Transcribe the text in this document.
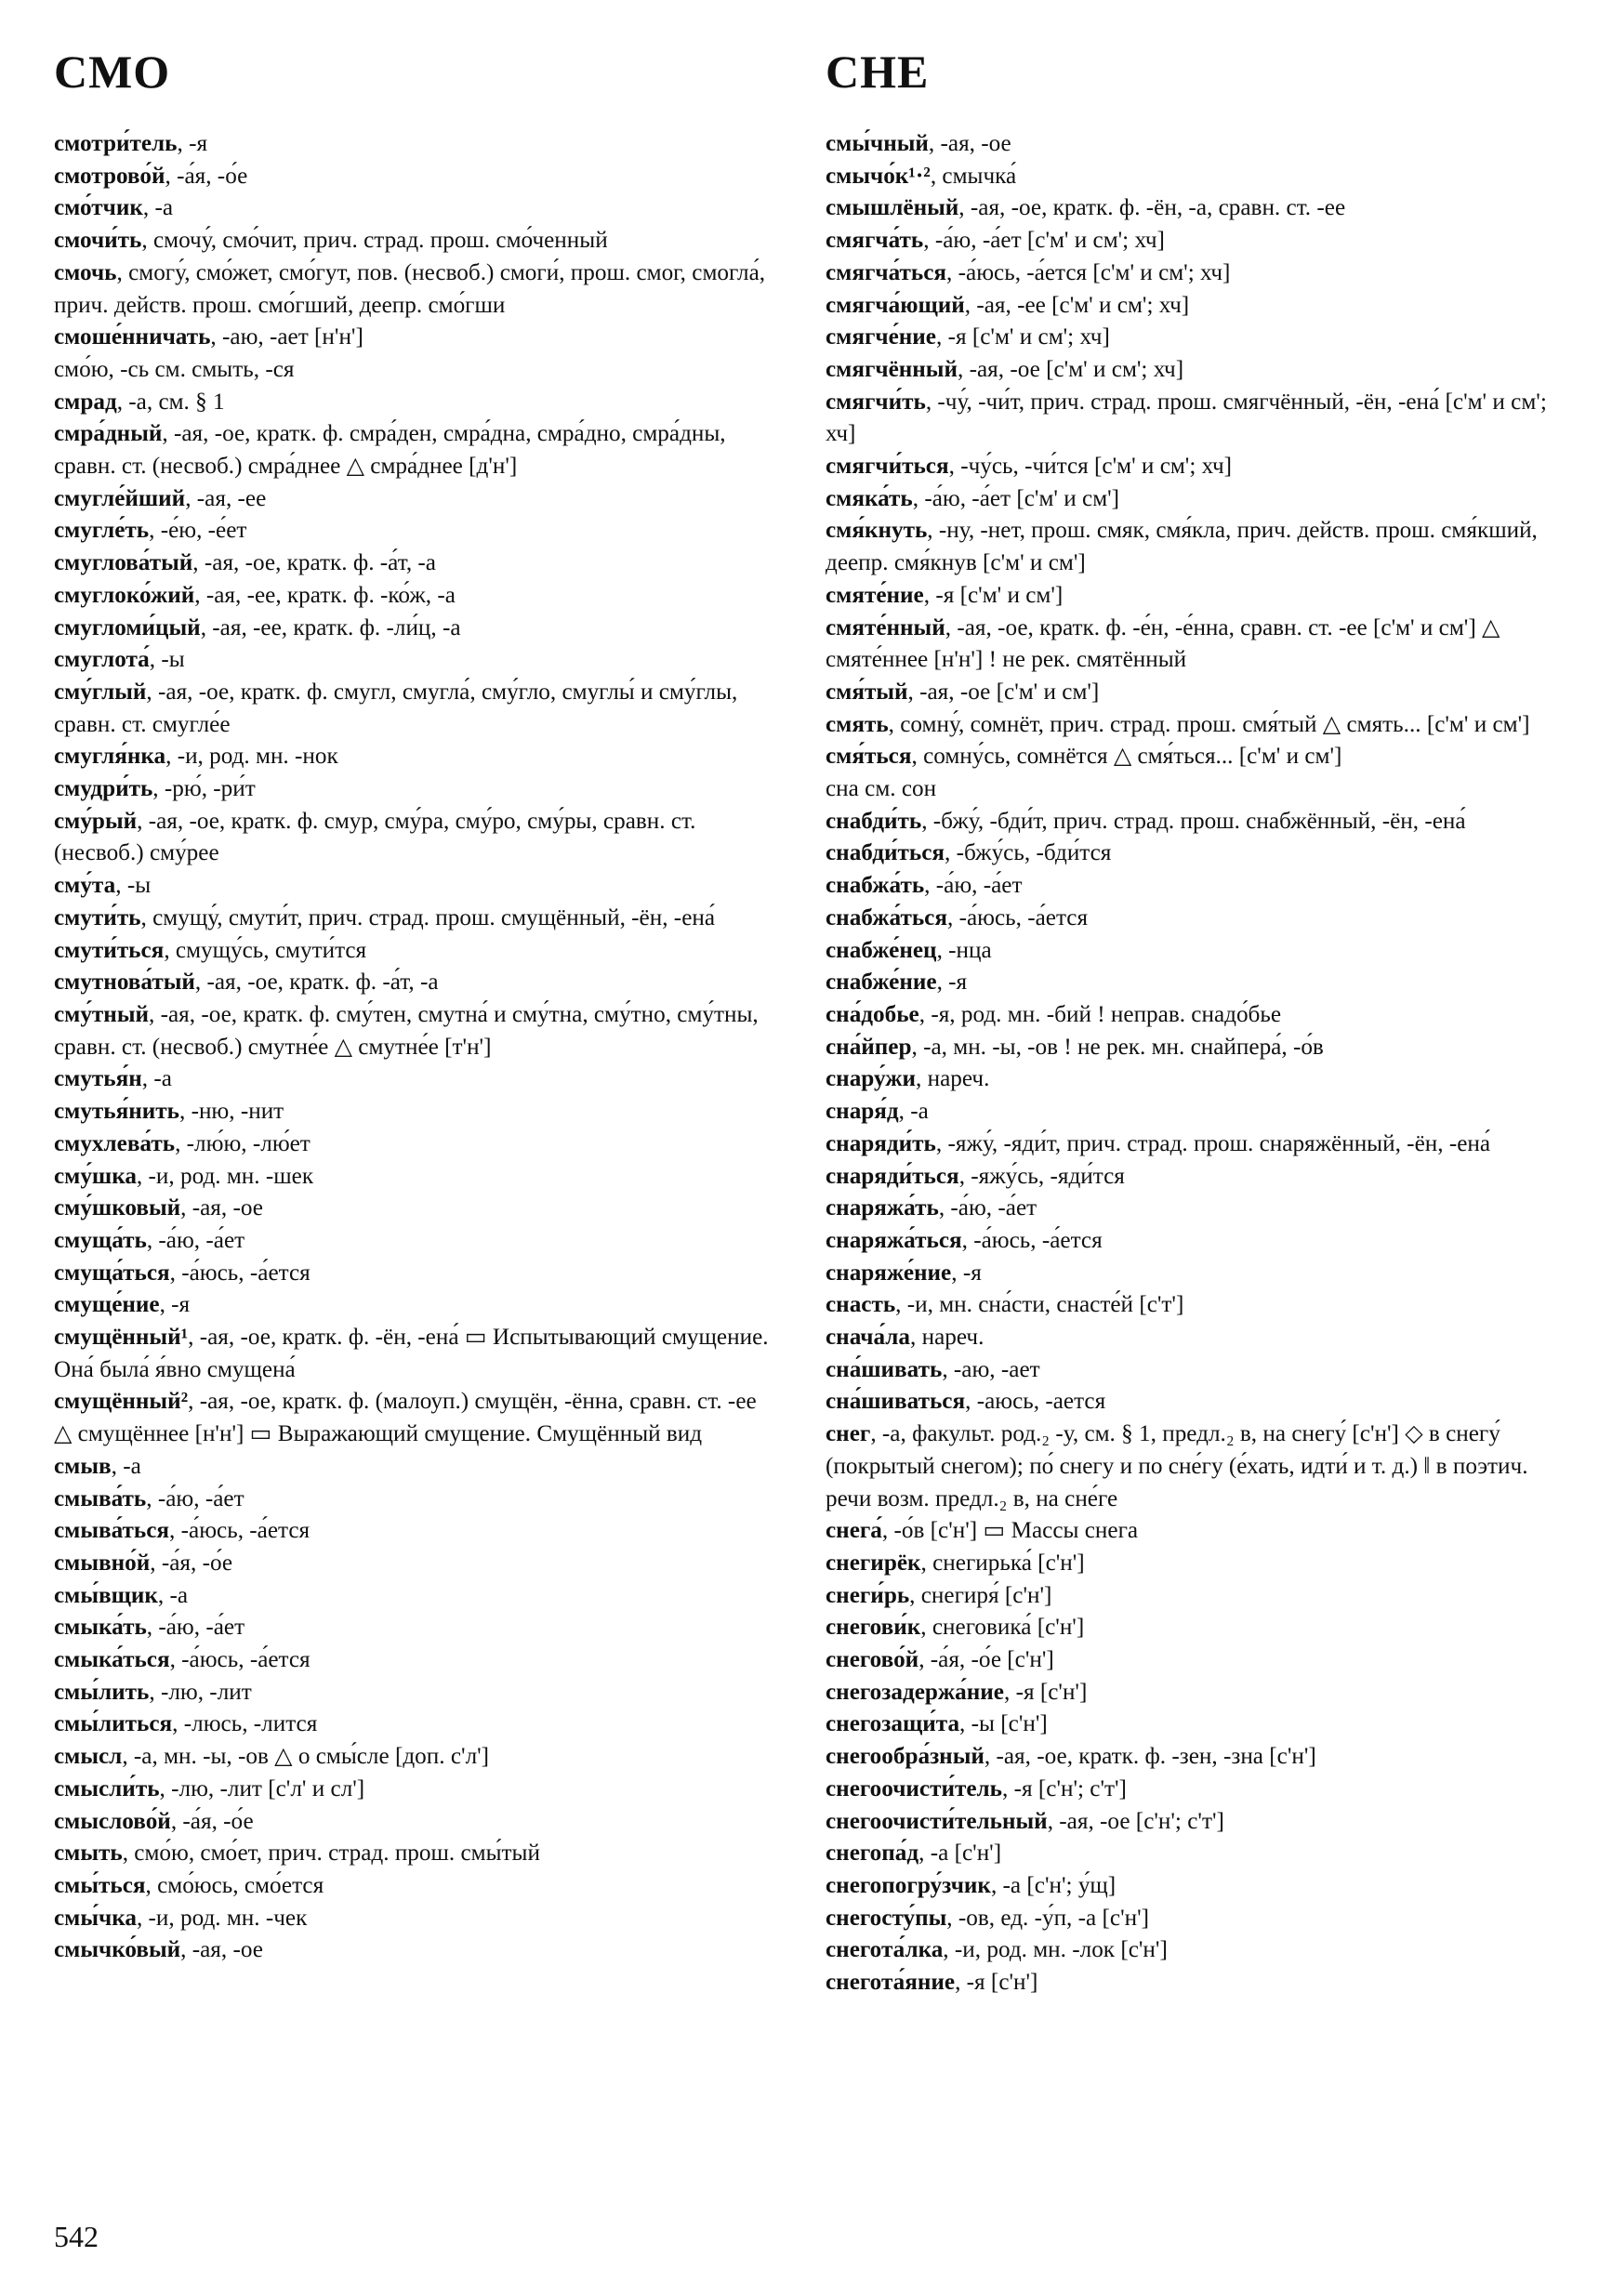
СМО	СНЕ

смотри́тель, -я

смотрово́й, -а́я, -о́е

смо́тчик, -а

смочи́ть, смочу́, смо́чит, прич. страд. прош. смо́ченный

смочь, смогу́, смо́жет, смо́гут, пов. (несвоб.) смоги́, прош. смог, смогла́, прич. действ. прош. смо́гший, деепр. смо́гши

смоше́нничать, -аю, -ает [н'н']

смо́ю, -сь см. смыть, -ся

смрад, -а, см. § 1

смра́дный, -ая, -ое, кратк. ф. смра́ден, смра́дна, смра́дно, смра́дны, сравн. ст. (несвоб.) смра́днее △ смра́днее [д'н']

смугле́йший, -ая, -ее

смугле́ть, -е́ю, -е́ет

смуглова́тый, -ая, -ое, кратк. ф. -а́т, -а

смуглоко́жий, -ая, -ее, кратк. ф. -ко́ж, -а

смугломи́цый, -ая, -ее, кратк. ф. -ли́ц, -а

смуглота́, -ы

сму́глый, -ая, -ое, кратк. ф. смугл, смугла́, сму́гло, смуглы́ и сму́глы, сравн. ст. смугле́е

смугля́нка, -и, род. мн. -нок

смудри́ть, -рю́, -ри́т

сму́рый, -ая, -ое, кратк. ф. смур, сму́ра, сму́ро, сму́ры, сравн. ст. (несвоб.) сму́рее

сму́та, -ы

смути́ть, смущу́, смути́т, прич. страд. прош. смущённый, -ён, -ена́

смути́ться, смущу́сь, смути́тся

смутнова́тый, -ая, -ое, кратк. ф. -а́т, -а

сму́тный, -ая, -ое, кратк. ф. сму́тен, смутна́ и сму́тна, сму́тно, сму́тны, сравн. ст. (несвоб.) смутне́е △ смутне́е [т'н']

смутья́н, -а

смутья́нить, -ню, -нит

смухлева́ть, -лю́ю, -лю́ет

сму́шка, -и, род. мн. -шек

сму́шковый, -ая, -ое

смуща́ть, -а́ю, -а́ет

смуща́ться, -а́юсь, -а́ется

смуще́ние, -я

смущённый¹, -ая, -ое, кратк. ф. -ён, -ена́ ▭ Испытывающий смущение. Она́ была́ я́вно смущена́

смущённый², -ая, -ое, кратк. ф. (малоуп.) смущён, -ённа, сравн. ст. -ее △ смущённее [н'н'] ▭ Выражающий смущение. Смущённый вид

смыв, -а

смыва́ть, -а́ю, -а́ет

смыва́ться, -а́юсь, -а́ется

смывно́й, -а́я, -о́е

смы́вщик, -а

смыка́ть, -а́ю, -а́ет

смыка́ться, -а́юсь, -а́ется

смы́лить, -лю, -лит

смы́литься, -люсь, -лится

смысл, -а, мн. -ы, -ов △ о смы́сле [доп. с'л']

смысли́ть, -лю, -лит [с'л' и сл']

смыслово́й, -а́я, -о́е

смыть, смо́ю, смо́ет, прич. страд. прош. смы́тый

смы́ться, смо́юсь, смо́ется

смы́чка, -и, род. мн. -чек

смычко́вый, -ая, -ое

смы́чный, -ая, -ое

смычо́к¹·², смычка́

смышлёный, -ая, -ое, кратк. ф. -ён, -а, сравн. ст. -ее

смягча́ть, -а́ю, -а́ет [с'м' и см'; хч]

смягча́ться, -а́юсь, -а́ется [с'м' и см'; хч]

смягча́ющий, -ая, -ее [с'м' и см'; хч]

смягче́ние, -я [с'м' и см'; хч]

смягчённый, -ая, -ое [с'м' и см'; хч]

смягчи́ть, -чу́, -чи́т, прич. страд. прош. смягчённый, -ён, -ена́ [с'м' и см'; хч]

смягчи́ться, -чу́сь, -чи́тся [с'м' и см'; хч]

смяка́ть, -а́ю, -а́ет [с'м' и см']

смя́кнуть, -ну, -нет, прош. смяк, смя́кла, прич. действ. прош. смя́кший, деепр. смя́кнув [с'м' и см']

смяте́ние, -я [с'м' и см']

смяте́нный, -ая, -ое, кратк. ф. -е́н, -е́нна, сравн. ст. -ее [с'м' и см'] △ смяте́ннее [н'н'] ! не рек. смятённый

смя́тый, -ая, -ое [с'м' и см']

смять, сомну́, сомнёт, прич. страд. прош. смя́тый △ смять... [с'м' и см']

смя́ться, сомну́сь, сомнётся △ смя́ться... [с'м' и см']

сна см. сон

снабди́ть, -бжу́, -бди́т, прич. страд. прош. снабжённый, -ён, -ена́

снабди́ться, -бжу́сь, -бди́тся

снабжа́ть, -а́ю, -а́ет

снабжа́ться, -а́юсь, -а́ется

снабже́нец, -нца

снабже́ние, -я

сна́добье, -я, род. мн. -бий ! неправ. снадо́бье

сна́йпер, -а, мн. -ы, -ов ! не рек. мн. снайпера́, -о́в

снару́жи, нареч.

снаря́д, -а

снаряди́ть, -яжу́, -яди́т, прич. страд. прош. снаряжённый, -ён, -ена́

снаряди́ться, -яжу́сь, -яди́тся

снаряжа́ть, -а́ю, -а́ет

снаряжа́ться, -а́юсь, -а́ется

снаряже́ние, -я

снасть, -и, мн. сна́сти, снасте́й [с'т']

снача́ла, нареч.

сна́шивать, -аю, -ает

сна́шиваться, -аюсь, -ается

снег, -а, факульт. род.₂ -у, см. § 1, предл.₂ в, на снегу́ [с'н'] ◇ в снегу́ (покрытый снегом); по́ снегу и по сне́гу (е́хать, идти́ и т. д.) ‖ в поэтич. речи возм. предл.₂ в, на сне́ге

снега́, -о́в [с'н'] ▭ Массы снега

снегирёк, снегирька́ [с'н']

снеги́рь, снегиря́ [с'н']

снегови́к, снеговика́ [с'н']

снегово́й, -а́я, -о́е [с'н']

снегозадержа́ние, -я [с'н']

снегозащи́та, -ы [с'н']

снегообра́зный, -ая, -ое, кратк. ф. -зен, -зна [с'н']

снегоочисти́тель, -я [с'н'; с'т']

снегоочисти́тельный, -ая, -ое [с'н'; с'т']

снегопа́д, -а [с'н']

снегопогру́зчик, -а [с'н'; у́щ]

снегосту́пы, -ов, ед. -у́п, -а [с'н']

снегота́лка, -и, род. мн. -лок [с'н']

снегота́яние, -я [с'н']

542
